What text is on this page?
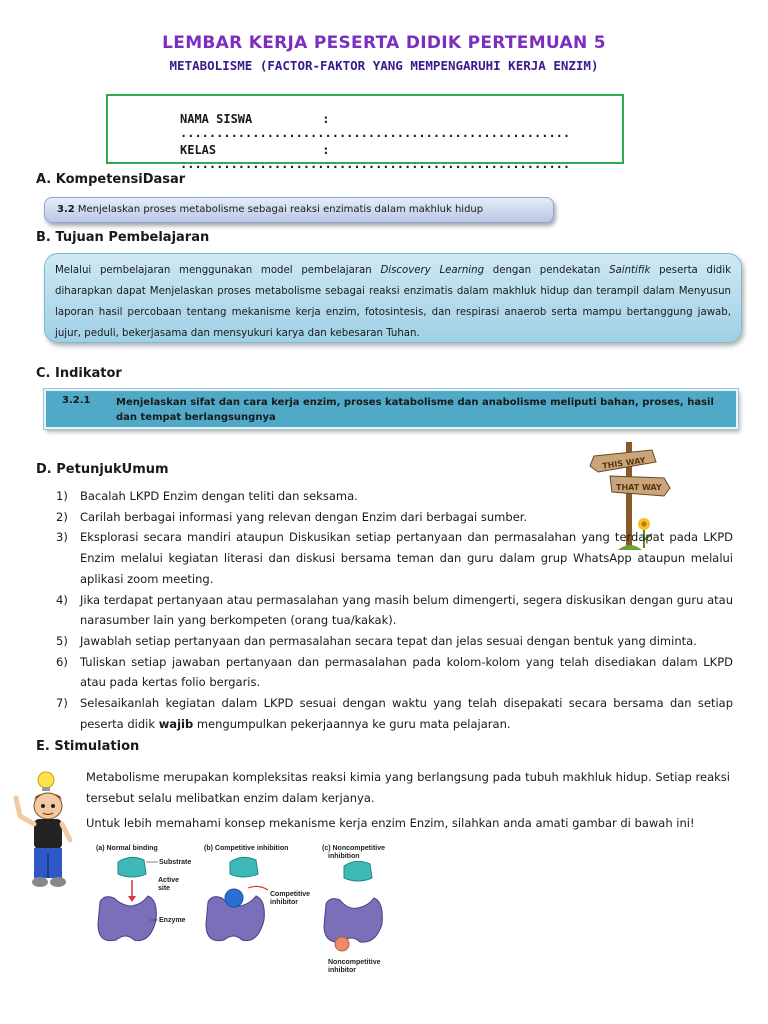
LEMBAR KERJA PESERTA DIDIK PERTEMUAN 5
METABOLISME (FACTOR-FAKTOR YANG MEMPENGARUHI KERJA ENZIM)
NAMA SISWA	: ......................................................
KELAS	: ......................................................
A. KompetensiDasar
3.2 Menjelaskan proses metabolisme sebagai reaksi enzimatis dalam makhluk hidup
B. Tujuan Pembelajaran
Melalui pembelajaran menggunakan model pembelajaran Discovery Learning dengan pendekatan Saintifik peserta didik diharapkan dapat Menjelaskan proses metabolisme sebagai reaksi enzimatis dalam makhluk hidup dan terampil dalam Menyusun laporan hasil percobaan tentang mekanisme kerja enzim, fotosintesis, dan respirasi anaerob serta mampu bertanggung jawab, jujur, peduli, bekerjasama dan mensyukuri karya dan kebesaran Tuhan.
C. Indikator
3.2.1	Menjelaskan sifat dan cara kerja enzim, proses katabolisme dan anabolisme meliputi bahan, proses, hasil dan tempat berlangsungnya
D. PetunjukUmum	THIS WAY
THAT WAY
1) Bacalah LKPD Enzim dengan teliti dan seksama.
2) Carilah berbagai informasi yang relevan dengan Enzim dari berbagai sumber.
3) Eksplorasi secara mandiri ataupun Diskusikan setiap pertanyaan dan permasalahan yang terdapat pada LKPD Enzim melalui kegiatan literasi dan diskusi bersama teman dan guru dalam grup WhatsApp ataupun melalui aplikasi zoom meeting.
4) Jika terdapat pertanyaan atau permasalahan yang masih belum dimengerti, segera diskusikan dengan guru atau narasumber lain yang berkompeten (orang tua/kakak).
5) Jawablah setiap pertanyaan dan permasalahan secara tepat dan jelas sesuai dengan bentuk yang diminta.
6) Tuliskan setiap jawaban pertanyaan dan permasalahan pada kolom-kolom yang telah disediakan dalam LKPD atau pada kertas folio bergaris.
7) Selesaikanlah kegiatan dalam LKPD sesuai dengan waktu yang telah disepakati secara bersama dan setiap peserta didik wajib mengumpulkan pekerjaannya ke guru mata pelajaran.
E. Stimulation
Metabolisme merupakan kompleksitas reaksi kimia yang berlangsung pada tubuh makhluk hidup. Setiap reaksi tersebut selalu melibatkan enzim dalam kerjanya.
Untuk lebih memahami konsep mekanisme kerja enzim Enzim, silahkan anda amati gambar di bawah ini!
(a) Normal binding
Substrate
Active
site
Enzyme
(b) Competitive inhibition
Competitive
inhibitor
(c) Noncompetitive
inhibition
Noncompetitive
inhibitor
